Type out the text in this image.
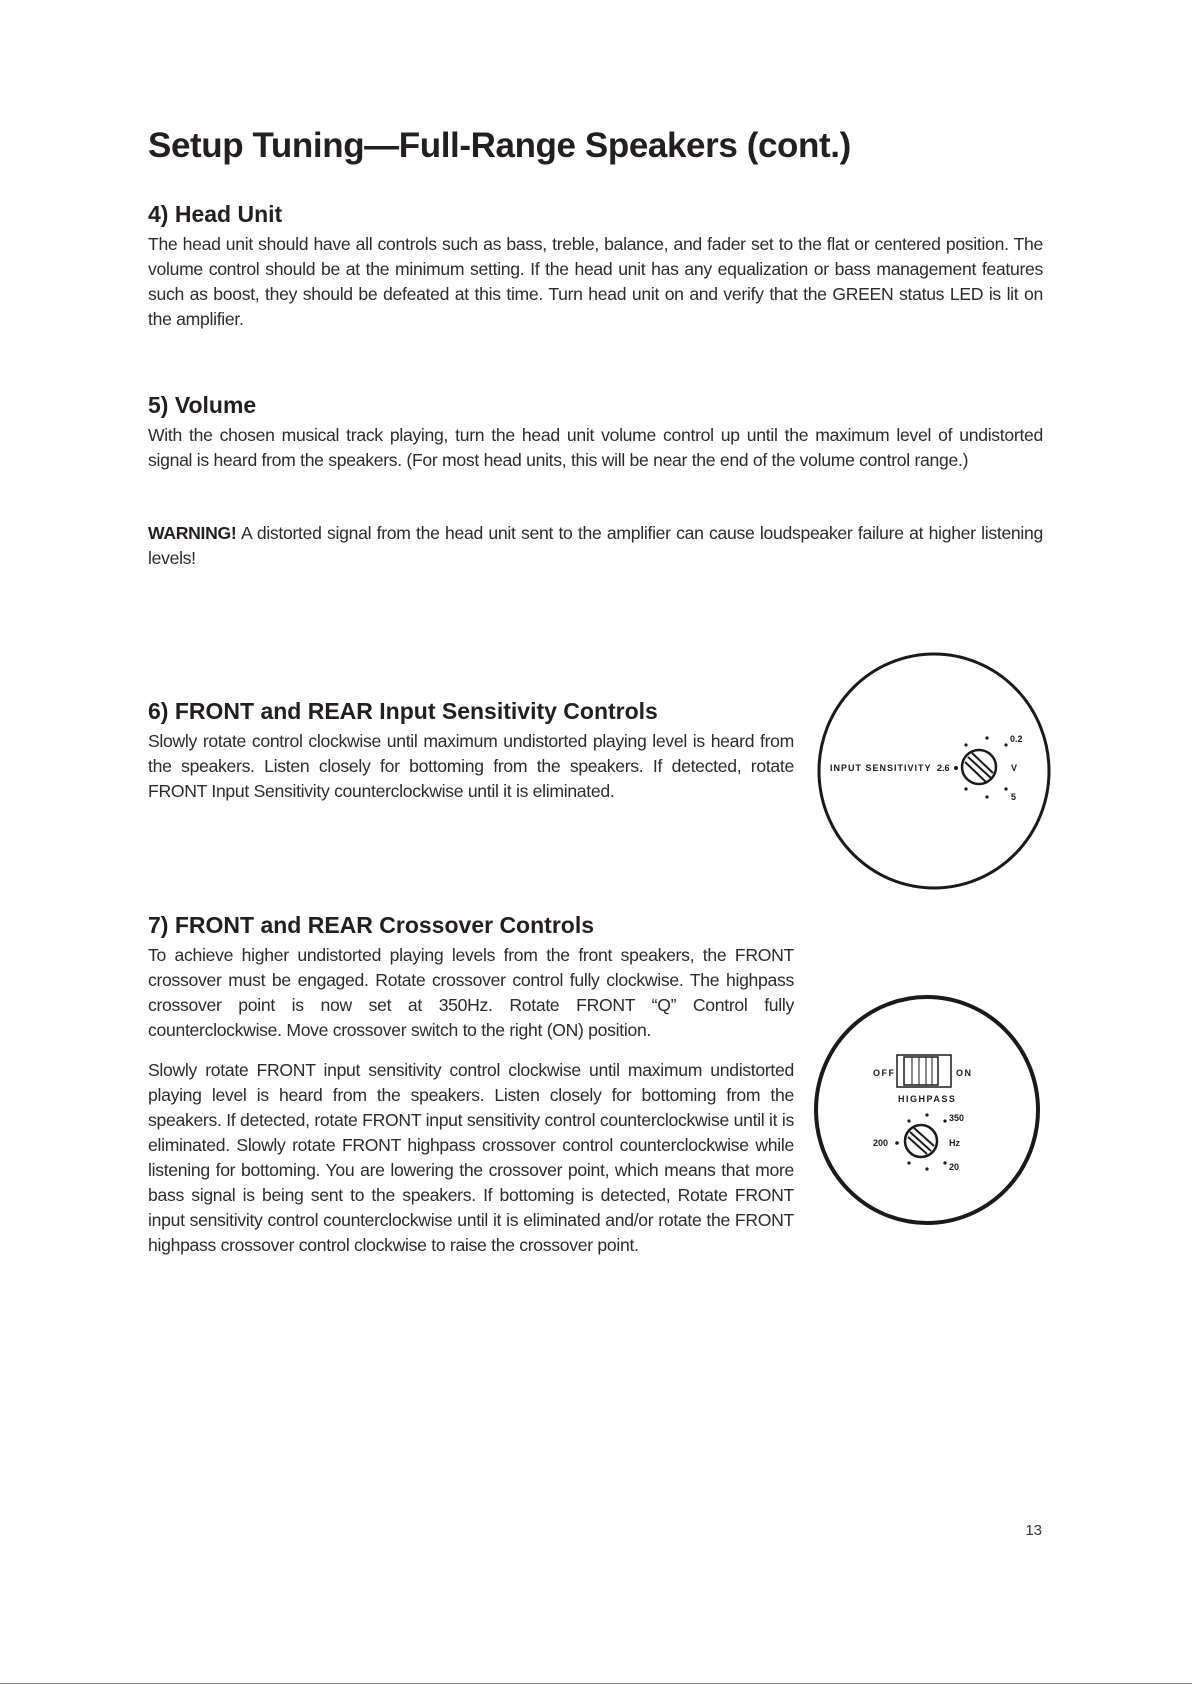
Setup Tuning—Full-Range Speakers (cont.)
4) Head Unit

The head unit should have all controls such as bass, treble, balance, and fader set to the flat or centered position. The volume control should be at the minimum setting. If the head unit has any equalization or bass management features such as boost, they should be defeated at this time. Turn head unit on and verify that the GREEN status LED is lit on the amplifier.

5) Volume

With the chosen musical track playing, turn the head unit volume control up until the maximum level of undistorted signal is heard from the speakers. (For most head units, this will be near the end of the volume control range.)

WARNING! A distorted signal from the head unit sent to the amplifier can cause loudspeaker failure at higher listening levels!

6) FRONT and REAR Input Sensitivity Controls

Slowly rotate control clockwise until maximum undistorted playing level is heard from the speakers. Listen closely for bottoming from the speakers. If detected, rotate FRONT Input Sensitivity counterclockwise until it is eliminated.

7) FRONT and REAR Crossover Controls

To achieve higher undistorted playing levels from the front speakers, the FRONT crossover must be engaged. Rotate crossover control fully clockwise. The highpass crossover point is now set at 350Hz. Rotate FRONT “Q” Control fully counterclockwise. Move crossover switch to the right (ON) position.

Slowly rotate FRONT input sensitivity control clockwise until maximum undistorted playing level is heard from the speakers. Listen closely for bottoming from the speakers. If detected, rotate FRONT input sensitivity control counterclockwise until it is eliminated. Slowly rotate FRONT highpass crossover control counterclockwise while listening for bottoming. You are lowering the crossover point, which means that more bass signal is being sent to the speakers. If bottoming is detected, Rotate FRONT input sensitivity control counterclockwise until it is eliminated and/or rotate the FRONT highpass crossover control clockwise to raise the crossover point.

INPUT SENSITIVITY 2.6
0.2
V
5
OFF	ON
HIGHPASS
200
350
Hz
20
13
